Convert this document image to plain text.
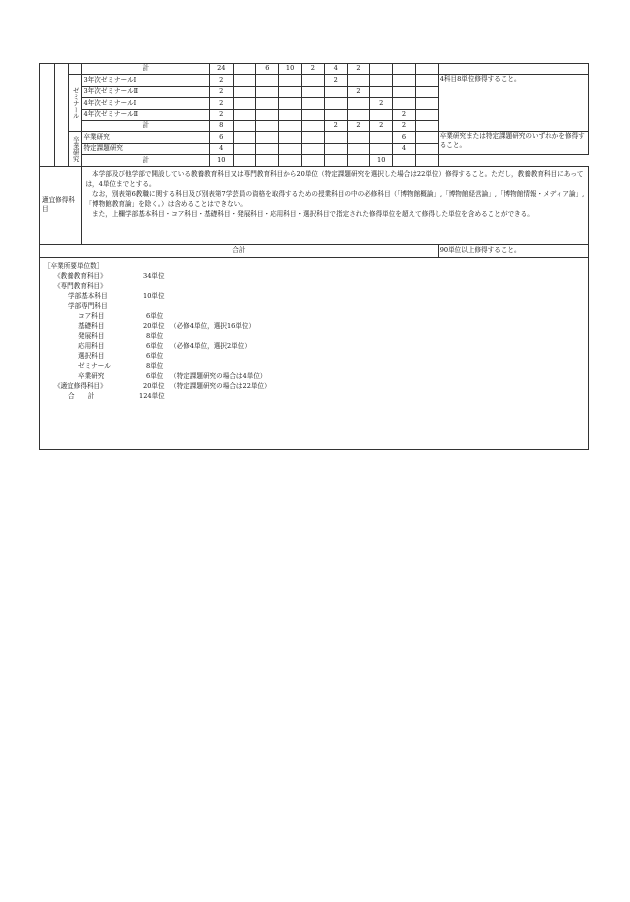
			計	24		6	10	2	4	2				
		ゼミナール	3年次ゼミナールⅠ	2					2					4科目8単位修得すること。
			3年次ゼミナールⅡ	2						2				
			4年次ゼミナールⅠ	2							2			
			4年次ゼミナールⅡ	2								2		
			計	8					2	2	2	2		
		卒業研究	卒業研究	6								6		卒業研究または特定課題研究のいずれかを修得すること。
			特定課題研究	4								4		
			計	10							10			
適宜修得科目			　本学部及び他学部で開設している教養教育科目又は専門教育科目から20単位（特定課題研究を選択した場合は22単位）修得すること。ただし，教養教育科目にあっては，4単位までとする。
　なお，別表第6教職に関する科目及び別表第7学芸員の資格を取得するための授業科目の中の必修科目（「博物館概論」,「博物館経営論」,「博物館情報・メディア論」,「博物館教育論」を除く。）は含めることはできない。
　また，上欄学部基本科目・コア科目・基礎科目・発展科目・応用科目・選択科目で指定された修得単位を超えて修得した単位を含めることができる。											

合計														90単位以上修得すること。
［卒業所要単位数］
《教養教育科目》	34単位
《専門教育科目》
学部基本科目	10単位
学部専門科目
コア科目	6単位
基礎科目	20単位 （必修4単位，選択16単位）
発展科目	8単位
応用科目	6単位 （必修4単位，選択2単位）
選択科目	6単位
ゼミナール	8単位
卒業研究	6単位 （特定課題研究の場合は4単位）
《適宜修得科目》	20単位 （特定課題研究の場合は22単位）
合　　計	124単位
